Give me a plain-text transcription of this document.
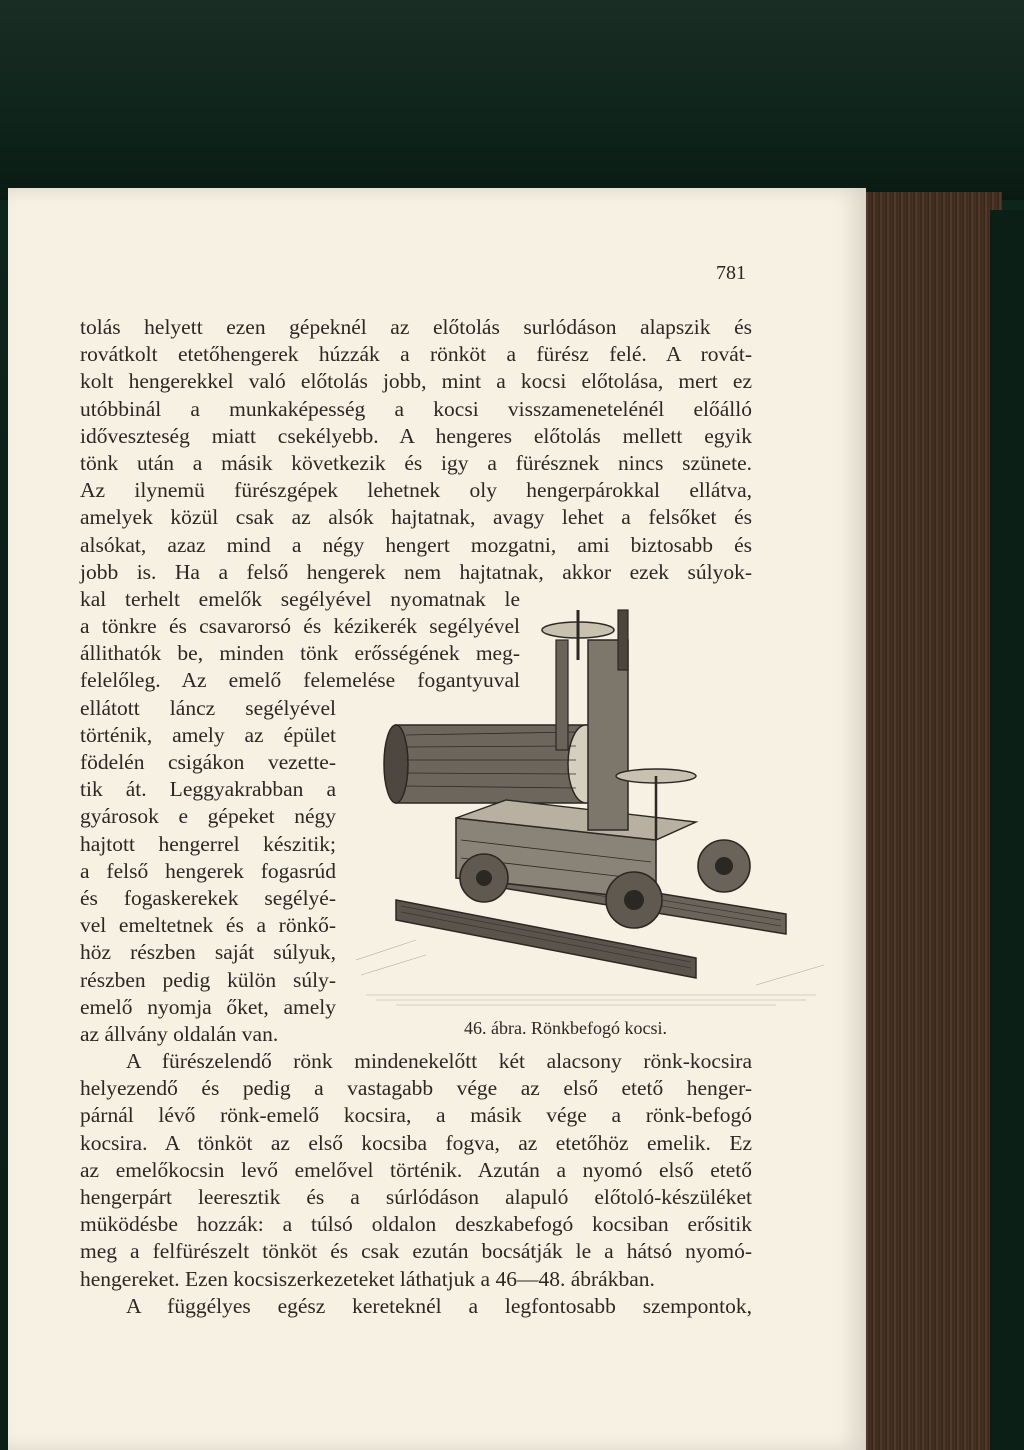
781

tolás helyett ezen gépeknél az előtolás surlódáson alapszik és
rovátkolt etetőhengerek húzzák a rönköt a fürész felé. A rovát-
kolt hengerekkel való előtolás jobb, mint a kocsi előtolása, mert ez
utóbbinál a munkaképesség a kocsi visszamenetelénél előálló
időveszteség miatt csekélyebb. A hengeres előtolás mellett egyik
tönk után a másik következik és igy a fürésznek nincs szünete.
Az ilynemü fürészgépek lehetnek oly hengerpárokkal ellátva,
amelyek közül csak az alsók hajtatnak, avagy lehet a felsőket és
alsókat, azaz mind a négy hengert mozgatni, ami biztosabb és
jobb is. Ha a felső hengerek nem hajtatnak, akkor ezek súlyok-
kal terhelt emelők segélyével nyomatnak le
a tönkre és csavarorsó és kézikerék segélyével
állithatók be, minden tönk erősségének meg-
felelőleg. Az emelő felemelése fogantyuval
ellátott láncz segélyével
történik, amely az épület
födelén csigákon vezette-
tik át. Leggyakrabban a
gyárosok e gépeket négy
hajtott hengerrel készitik;
a felső hengerek fogasrúd
és fogaskerekek segélyé-
vel emeltetnek és a rönkő-
höz részben saját súlyuk,
részben pedig külön súly-
emelő nyomja őket, amely
az állvány oldalán van.
A fürészelendő rönk mindenekelőtt két alacsony rönk-kocsira
helyezendő és pedig a vastagabb vége az első etető henger-
párnál lévő rönk-emelő kocsira, a másik vége a rönk-befogó
kocsira. A tönköt az első kocsiba fogva, az etetőhöz emelik. Ez
az emelőkocsin levő emelővel történik. Azután a nyomó első etető
hengerpárt leeresztik és a súrlódáson alapuló előtoló-készüléket
müködésbe hozzák: a túlsó oldalon deszkabefogó kocsiban erősitik
meg a felfürészelt tönköt és csak ezután bocsátják le a hátsó nyomó-
hengereket. Ezen kocsiszerkezeteket láthatjuk a 46—48. ábrákban.
A függélyes egész kereteknél a legfontosabb szempontok,

46. ábra. Rönkbefogó kocsi.
